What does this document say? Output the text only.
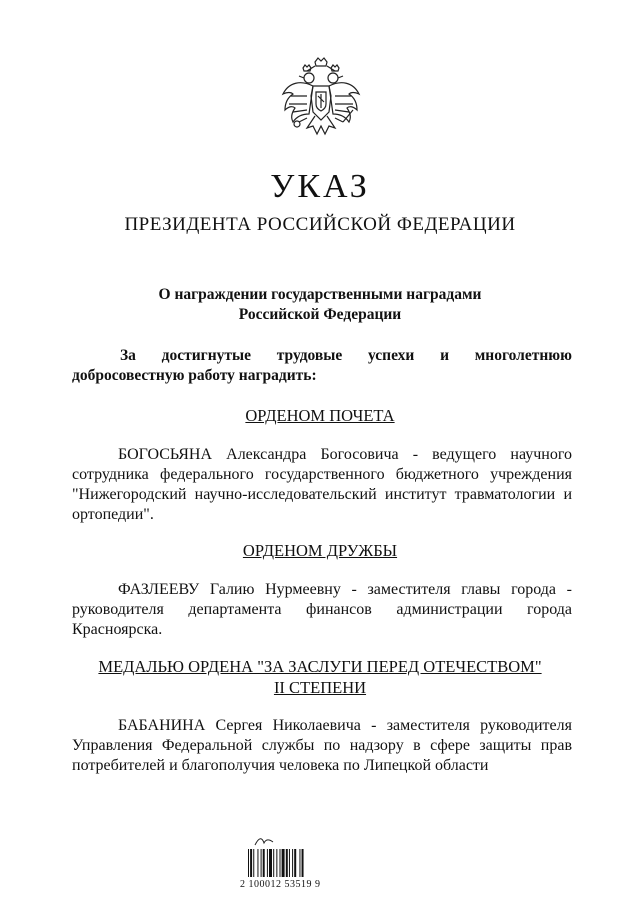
УКАЗ
ПРЕЗИДЕНТА РОССИЙСКОЙ ФЕДЕРАЦИИ
О награждении государственными наградами
Российской Федерации
За достигнутые трудовые успехи и многолетнюю
добросовестную работу наградить:
ОРДЕНОМ ПОЧЕТА

БОГОСЬЯНА Александра Богосовича - ведущего научного сотрудника федерального государственного бюджетного учреждения "Нижегородский научно-исследовательский институт травматологии и ортопедии".

ОРДЕНОМ ДРУЖБЫ

ФАЗЛЕЕВУ Галию Нурмеевну - заместителя главы города - руководителя департамента финансов администрации города Красноярска.

МЕДАЛЬЮ ОРДЕНА "ЗА ЗАСЛУГИ ПЕРЕД ОТЕЧЕСТВОМ"
II СТЕПЕНИ

БАБАНИНА Сергея Николаевича - заместителя руководителя Управления Федеральной службы по надзору в сфере защиты прав потребителей и благополучия человека по Липецкой области

2 100012 53519 9
